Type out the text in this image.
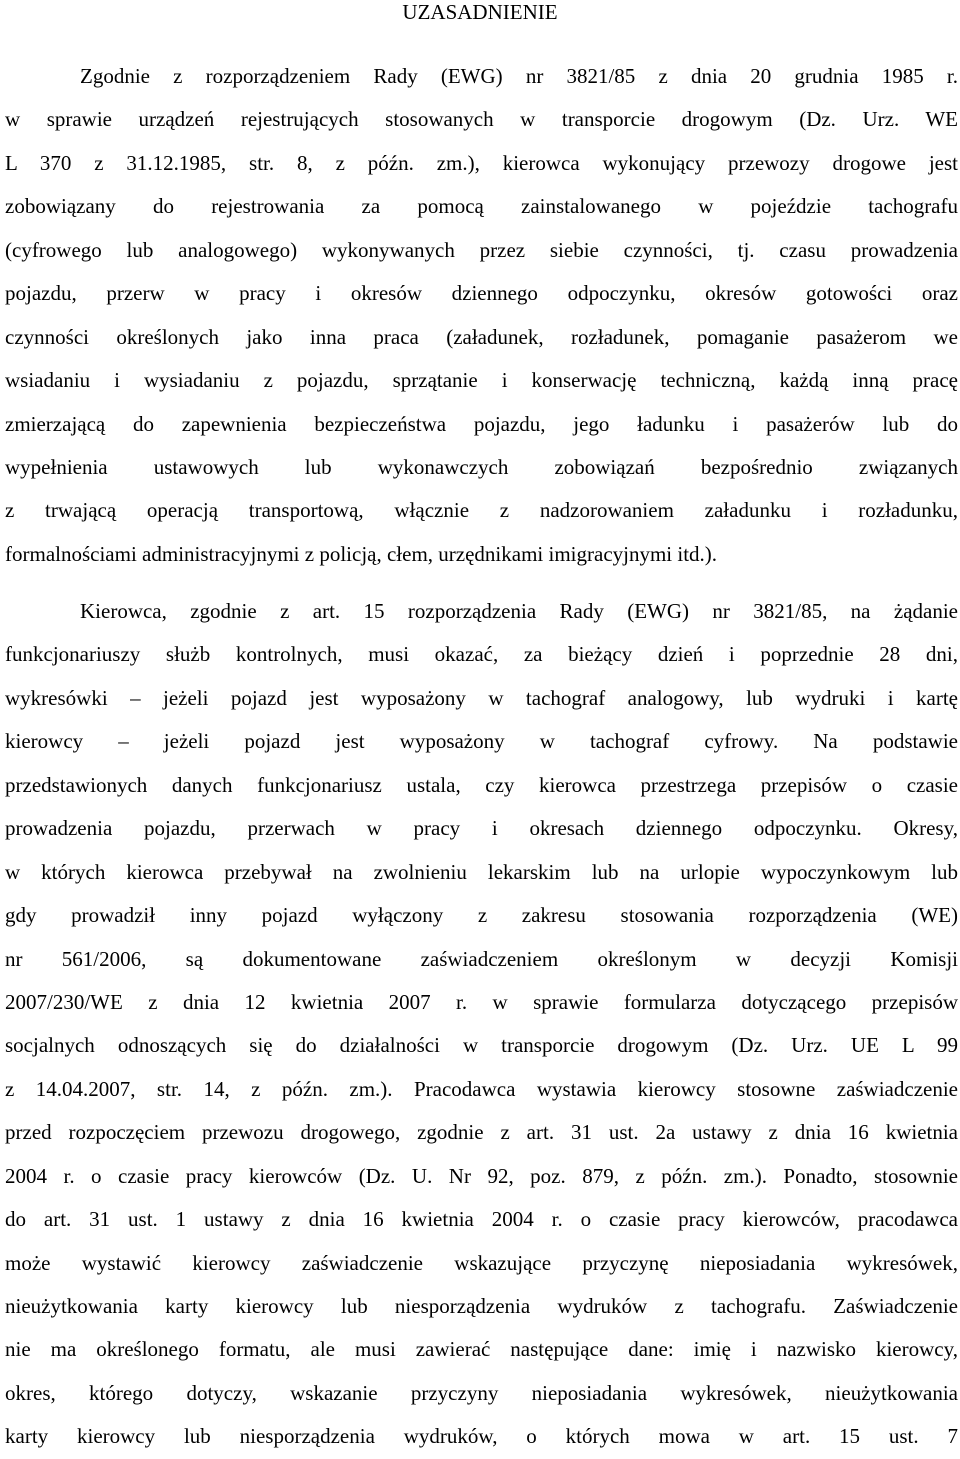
UZASADNIENIE
Zgodnie z rozporządzeniem Rady (EWG) nr 3821/85 z dnia 20 grudnia 1985 r.
w sprawie urządzeń rejestrujących stosowanych w transporcie drogowym (Dz. Urz. WE
L 370 z 31.12.1985, str. 8, z późn. zm.), kierowca wykonujący przewozy drogowe jest
zobowiązany do rejestrowania za pomocą zainstalowanego w pojeździe tachografu
(cyfrowego lub analogowego) wykonywanych przez siebie czynności, tj. czasu prowadzenia
pojazdu, przerw w pracy i okresów dziennego odpoczynku, okresów gotowości oraz
czynności określonych jako inna praca (załadunek, rozładunek, pomaganie pasażerom we
wsiadaniu i wysiadaniu z pojazdu, sprzątanie i konserwację techniczną, każdą inną pracę
zmierzającą do zapewnienia bezpieczeństwa pojazdu, jego ładunku i pasażerów lub do
wypełnienia ustawowych lub wykonawczych zobowiązań bezpośrednio związanych
z trwającą operacją transportową, włącznie z nadzorowaniem załadunku i rozładunku,
formalnościami administracyjnymi z policją, cłem, urzędnikami imigracyjnymi itd.).
Kierowca, zgodnie z art. 15 rozporządzenia Rady (EWG) nr 3821/85, na żądanie
funkcjonariuszy służb kontrolnych, musi okazać, za bieżący dzień i poprzednie 28 dni,
wykresówki – jeżeli pojazd jest wyposażony w tachograf analogowy, lub wydruki i kartę
kierowcy – jeżeli pojazd jest wyposażony w tachograf cyfrowy. Na podstawie
przedstawionych danych funkcjonariusz ustala, czy kierowca przestrzega przepisów o czasie
prowadzenia pojazdu, przerwach w pracy i okresach dziennego odpoczynku. Okresy,
w których kierowca przebywał na zwolnieniu lekarskim lub na urlopie wypoczynkowym lub
gdy prowadził inny pojazd wyłączony z zakresu stosowania rozporządzenia (WE)
nr 561/2006, są dokumentowane zaświadczeniem określonym w decyzji Komisji
2007/230/WE z dnia 12 kwietnia 2007 r. w sprawie formularza dotyczącego przepisów
socjalnych odnoszących się do działalności w transporcie drogowym (Dz. Urz. UE L 99
z 14.04.2007, str. 14, z późn. zm.). Pracodawca wystawia kierowcy stosowne zaświadczenie
przed rozpoczęciem przewozu drogowego, zgodnie z art. 31 ust. 2a ustawy z dnia 16 kwietnia
2004 r. o czasie pracy kierowców (Dz. U. Nr 92, poz. 879, z późn. zm.). Ponadto, stosownie
do art. 31 ust. 1 ustawy z dnia 16 kwietnia 2004 r. o czasie pracy kierowców, pracodawca
może wystawić kierowcy zaświadczenie wskazujące przyczynę nieposiadania wykresówek,
nieużytkowania karty kierowcy lub niesporządzenia wydruków z tachografu. Zaświadczenie
nie ma określonego formatu, ale musi zawierać następujące dane: imię i nazwisko kierowcy,
okres, którego dotyczy, wskazanie przyczyny nieposiadania wykresówek, nieużytkowania
karty kierowcy lub niesporządzenia wydruków, o których mowa w art. 15 ust. 7
